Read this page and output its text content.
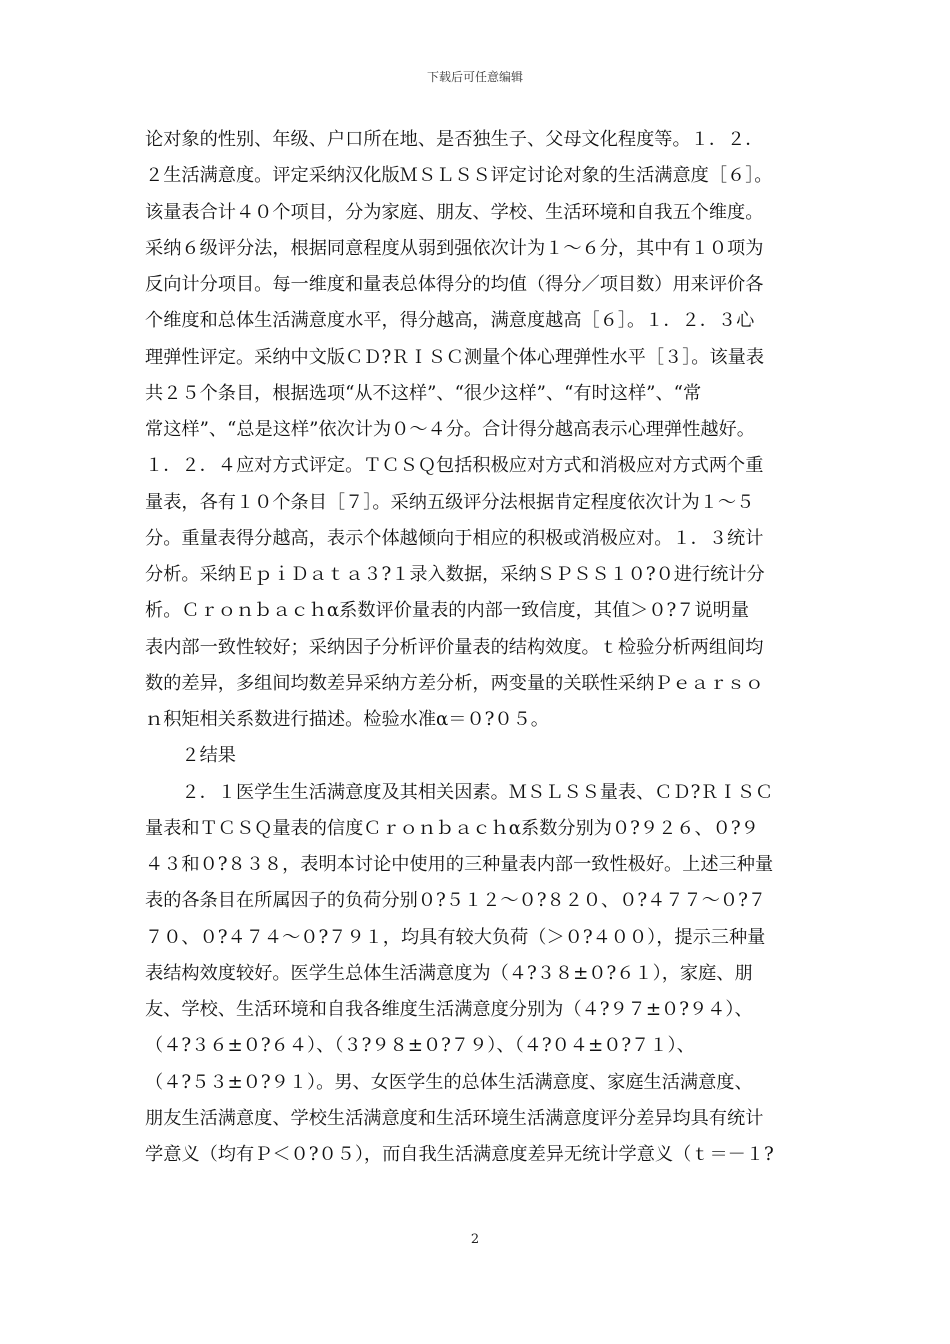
下载后可任意编辑
论对象的性别、年级、户口所在地、是否独生子、父母文化程度等。１．２．
２生活满意度。评定采纳汉化版ＭＳＬＳＳ评定讨论对象的生活满意度［６］。
该量表合计４０个项目，分为家庭、朋友、学校、生活环境和自我五个维度。
采纳６级评分法，根据同意程度从弱到强依次计为１～６分，其中有１０项为
反向计分项目。每一维度和量表总体得分的均值（得分／项目数）用来评价各
个维度和总体生活满意度水平，得分越高，满意度越高［６］。１．２．３心
理弹性评定。采纳中文版ＣＤ?ＲＩＳＣ测量个体心理弹性水平［３］。该量表
共２５个条目，根据选项“从不这样”、“很少这样”、“有时这样”、“常
常这样”、“总是这样”依次计为０～４分。合计得分越高表示心理弹性越好。
１．２．４应对方式评定。ＴＣＳＱ包括积极应对方式和消极应对方式两个重
量表，各有１０个条目［７］。采纳五级评分法根据肯定程度依次计为１～５
分。重量表得分越高，表示个体越倾向于相应的积极或消极应对。１．３统计
分析。采纳ＥｐｉＤａｔａ３?１录入数据，采纳ＳＰＳＳ１０?０进行统计分
析。Ｃｒｏｎｂａｃｈα系数评价量表的内部一致信度，其值＞０?７说明量
表内部一致性较好；采纳因子分析评价量表的结构效度。ｔ检验分析两组间均
数的差异，多组间均数差异采纳方差分析，两变量的关联性采纳Ｐｅａｒｓｏ
ｎ积矩相关系数进行描述。检验水准α＝０?０５。
　　２结果
　　２．１医学生生活满意度及其相关因素。ＭＳＬＳＳ量表、ＣＤ?ＲＩＳＣ
量表和ＴＣＳＱ量表的信度Ｃｒｏｎｂａｃｈα系数分别为０?９２６、０?９
４３和０?８３８，表明本讨论中使用的三种量表内部一致性极好。上述三种量
表的各条目在所属因子的负荷分别０?５１２～０?８２０、０?４７７～０?７
７０、０?４７４～０?７９１，均具有较大负荷（＞０?４００），提示三种量
表结构效度较好。医学生总体生活满意度为（４?３８±０?６１），家庭、朋
友、学校、生活环境和自我各维度生活满意度分别为（４?９７±０?９４）、
（４?３６±０?６４）、（３?９８±０?７９）、（４?０４±０?７１）、
（４?５３±０?９１）。男、女医学生的总体生活满意度、家庭生活满意度、
朋友生活满意度、学校生活满意度和生活环境生活满意度评分差异均具有统计
学意义（均有Ｐ＜０?０５），而自我生活满意度差异无统计学意义（ｔ＝－１?
2
